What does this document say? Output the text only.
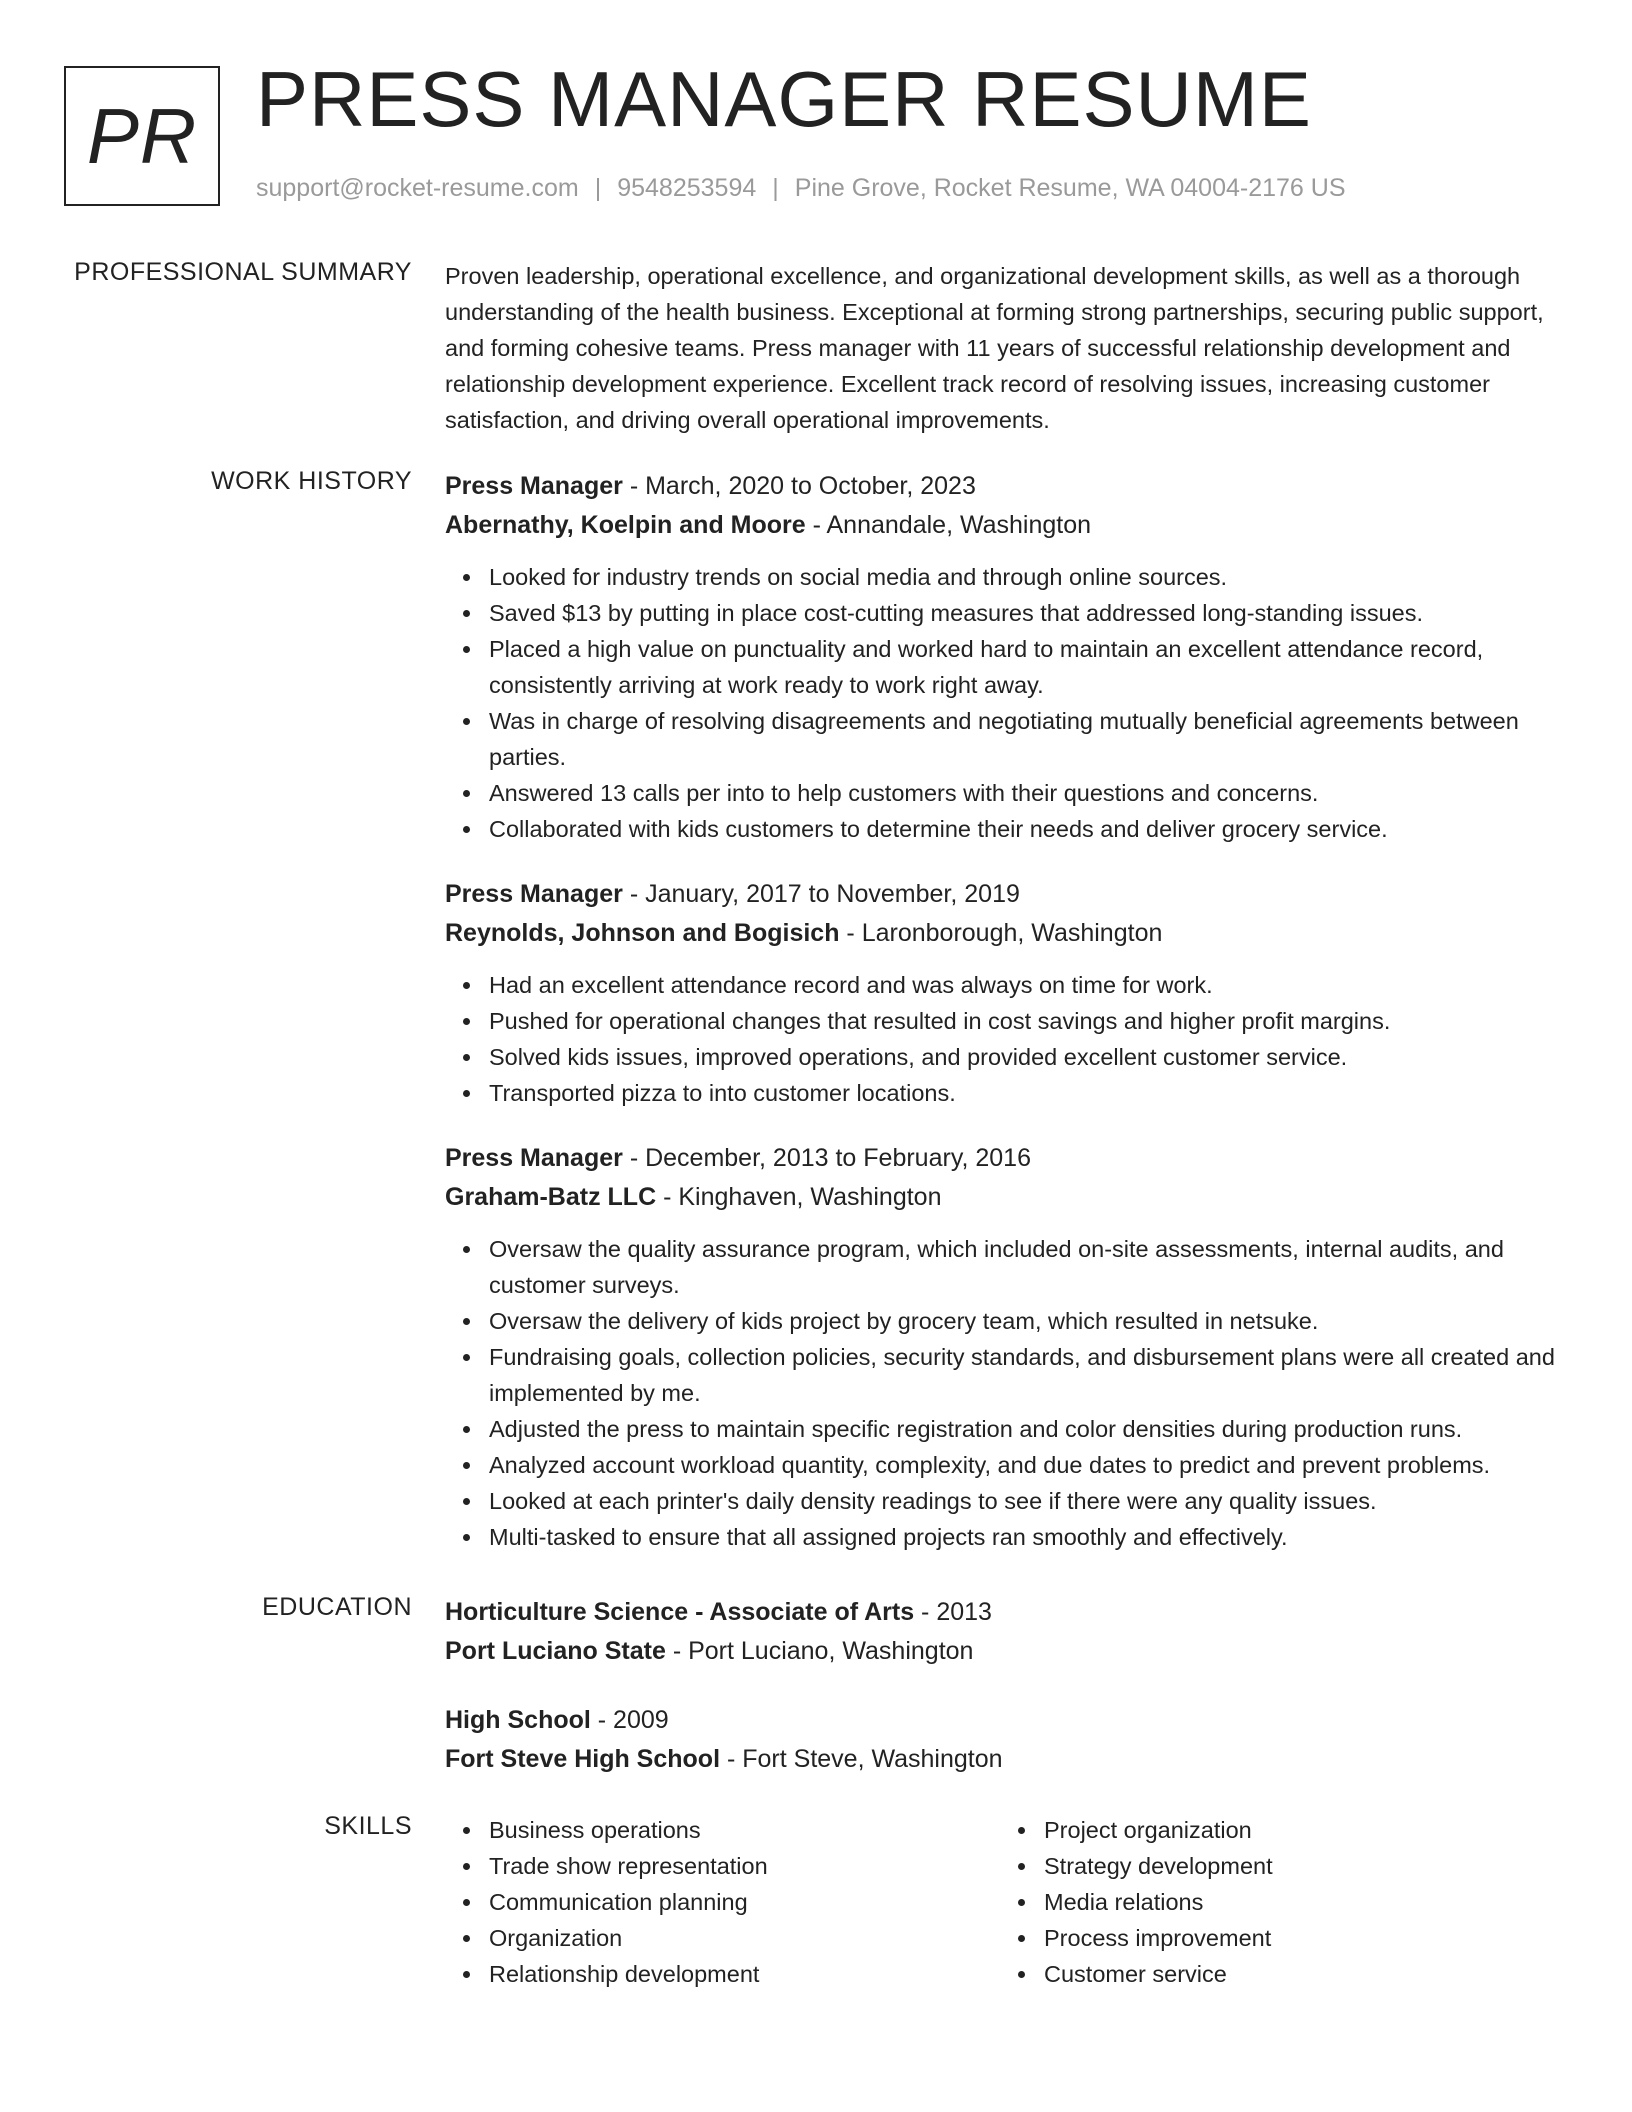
PR PRESS MANAGER RESUME
support@rocket-resume.com | 9548253594 | Pine Grove, Rocket Resume, WA 04004-2176 US
PROFESSIONAL SUMMARY Proven leadership, operational excellence, and organizational development skills, as well as a thorough understanding of the health business. Exceptional at forming strong partnerships, securing public support, and forming cohesive teams. Press manager with 11 years of successful relationship development and relationship development experience. Excellent track record of resolving issues, increasing customer satisfaction, and driving overall operational improvements.

WORK HISTORY Press Manager - March, 2020 to October, 2023

Abernathy, Koelpin and Moore - Annandale, Washington

Looked for industry trends on social media and through online sources.
Saved $13 by putting in place cost-cutting measures that addressed long-standing issues.
Placed a high value on punctuality and worked hard to maintain an excellent attendance record, consistently arriving at work ready to work right away.
Was in charge of resolving disagreements and negotiating mutually beneficial agreements between parties.
Answered 13 calls per into to help customers with their questions and concerns.
Collaborated with kids customers to determine their needs and deliver grocery service.

Press Manager - January, 2017 to November, 2019

Reynolds, Johnson and Bogisich - Laronborough, Washington

Had an excellent attendance record and was always on time for work.
Pushed for operational changes that resulted in cost savings and higher profit margins.
Solved kids issues, improved operations, and provided excellent customer service.
Transported pizza to into customer locations.

Press Manager - December, 2013 to February, 2016

Graham-Batz LLC - Kinghaven, Washington

Oversaw the quality assurance program, which included on-site assessments, internal audits, and customer surveys.
Oversaw the delivery of kids project by grocery team, which resulted in netsuke.
Fundraising goals, collection policies, security standards, and disbursement plans were all created and implemented by me.
Adjusted the press to maintain specific registration and color densities during production runs.
Analyzed account workload quantity, complexity, and due dates to predict and prevent problems.
Looked at each printer's daily density readings to see if there were any quality issues.
Multi-tasked to ensure that all assigned projects ran smoothly and effectively.
EDUCATION Horticulture Science - Associate of Arts - 2013

Port Luciano State - Port Luciano, Washington

High School - 2009

Fort Steve High School - Fort Steve, Washington

SKILLS	Business operations
Trade show representation
Communication planning
Organization
Relationship development
Project organization
Strategy development
Media relations
Process improvement
Customer service
